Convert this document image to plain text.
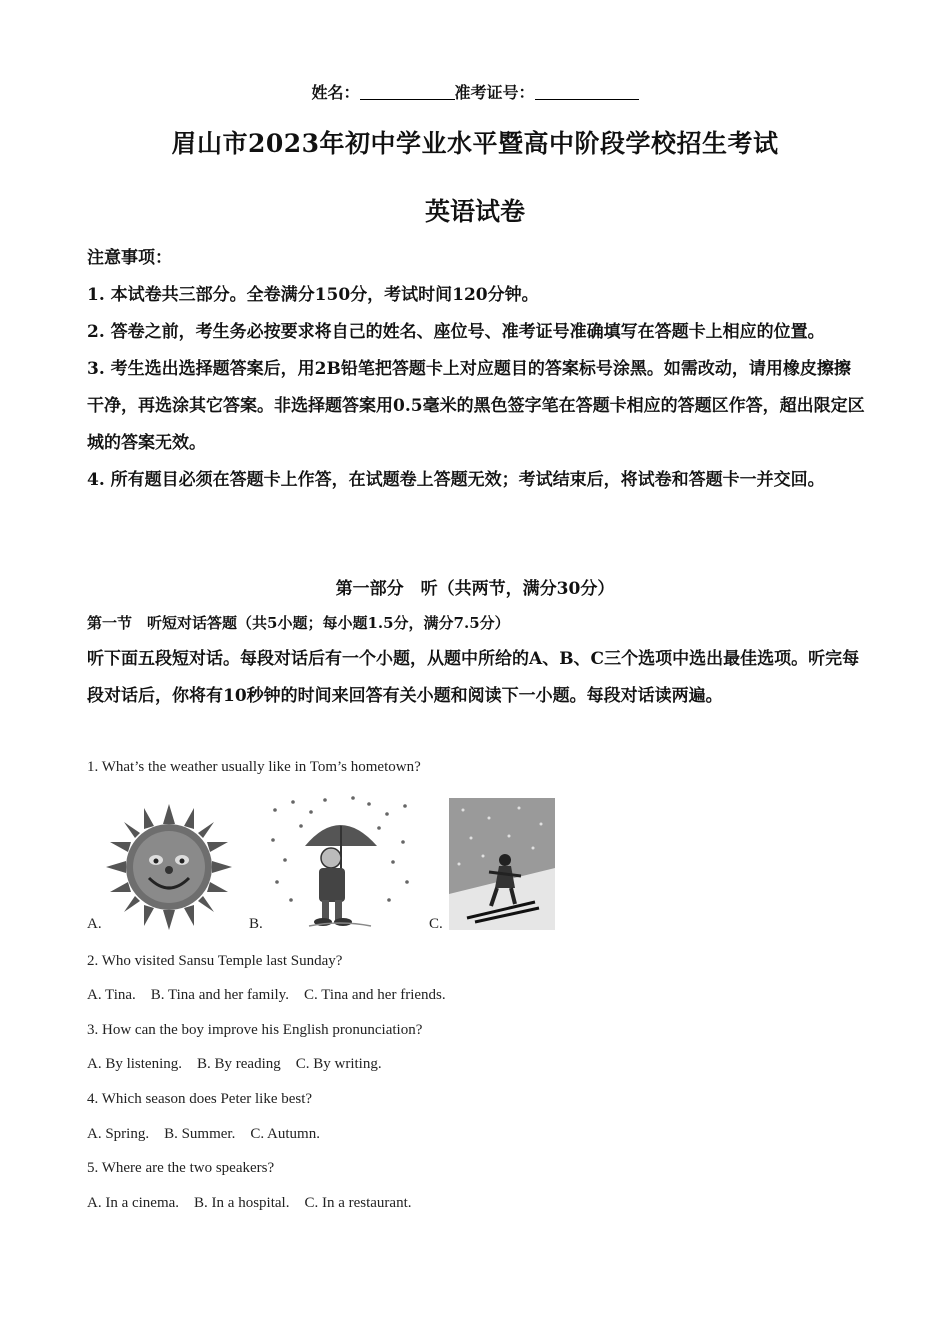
姓名：	准考证号：
眉山市2023年初中学业水平暨高中阶段学校招生考试
英语试卷

注意事项：

1. 本试卷共三部分。全卷满分150分，考试时间120分钟。

2. 答卷之前，考生务必按要求将自己的姓名、座位号、准考证号准确填写在答题卡上相应的位置。

3. 考生选出选择题答案后，用2B铅笔把答题卡上对应题目的答案标号涂黑。如需改动，请用橡皮擦擦干净，再选涂其它答案。非选择题答案用0.5毫米的黑色签字笔在答题卡相应的答题区作答，超出限定区城的答案无效。

4. 所有题目必须在答题卡上作答，在试题卷上答题无效；考试结束后，将试卷和答题卡一并交回。

第一部分　听（共两节，满分30分）
第一节　听短对话答题（共5小题；每小题1.5分，满分7.5分）
听下面五段短对话。每段对话后有一个小题，从题中所给的A、B、C三个选项中选出最佳选项。听完每段对话后，你将有10秒钟的时间来回答有关小题和阅读下一小题。每段对话读两遍。
1. What’s the weather usually like in Tom’s hometown?
A.	B.	C.
2. Who visited Sansu Temple last Sunday?
A. Tina.    B. Tina and her family.    C. Tina and her friends.
3. How can the boy improve his English pronunciation?
A. By listening.    B. By reading    C. By writing.
4. Which season does Peter like best?
A. Spring.    B. Summer.    C. Autumn.
5. Where are the two speakers?
A. In a cinema.    B. In a hospital.    C. In a restaurant.
